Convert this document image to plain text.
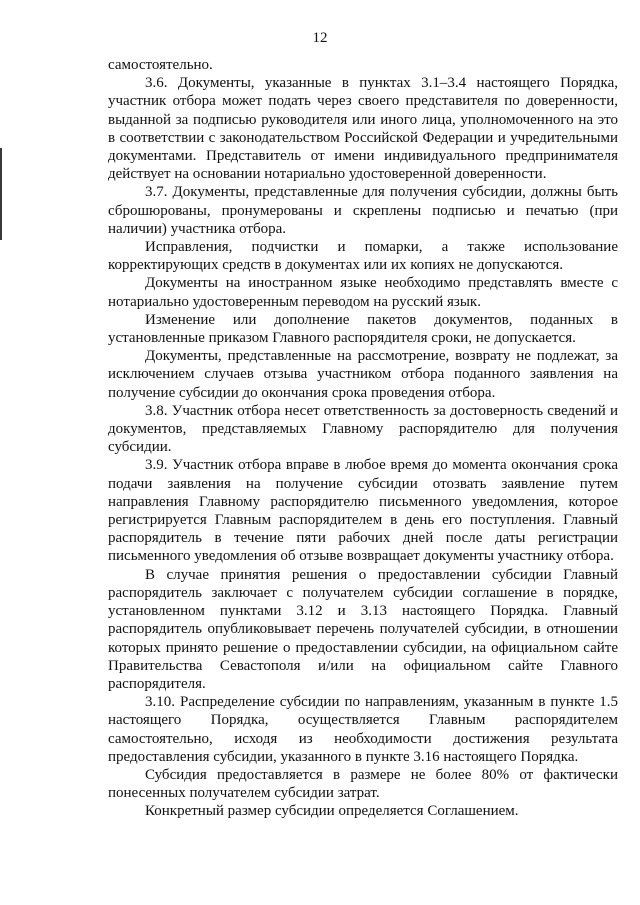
12

самостоятельно.

3.6. Документы, указанные в пунктах 3.1–3.4 настоящего Порядка, участник отбора может подать через своего представителя по доверенности, выданной за подписью руководителя или иного лица, уполномоченного на это в соответствии с законодательством Российской Федерации и учредительными документами. Представитель от имени индивидуального предпринимателя действует на основании нотариально удостоверенной доверенности.

3.7. Документы, представленные для получения субсидии, должны быть сброшюрованы, пронумерованы и скреплены подписью и печатью (при наличии) участника отбора.

Исправления, подчистки и помарки, а также использование корректирующих средств в документах или их копиях не допускаются.

Документы на иностранном языке необходимо представлять вместе с нотариально удостоверенным переводом на русский язык.

Изменение или дополнение пакетов документов, поданных в установленные приказом Главного распорядителя сроки, не допускается.

Документы, представленные на рассмотрение, возврату не подлежат, за исключением случаев отзыва участником отбора поданного заявления на получение субсидии до окончания срока проведения отбора.

3.8. Участник отбора несет ответственность за достоверность сведений и документов, представляемых Главному распорядителю для получения субсидии.

3.9. Участник отбора вправе в любое время до момента окончания срока подачи заявления на получение субсидии отозвать заявление путем направления Главному распорядителю письменного уведомления, которое регистрируется Главным распорядителем в день его поступления. Главный распорядитель в течение пяти рабочих дней после даты регистрации письменного уведомления об отзыве возвращает документы участнику отбора.

В случае принятия решения о предоставлении субсидии Главный распорядитель заключает с получателем субсидии соглашение в порядке, установленном пунктами 3.12 и 3.13 настоящего Порядка. Главный распорядитель опубликовывает перечень получателей субсидии, в отношении которых принято решение о предоставлении субсидии, на официальном сайте Правительства Севастополя и/или на официальном сайте Главного распорядителя.

3.10. Распределение субсидии по направлениям, указанным в пункте 1.5 настоящего Порядка, осуществляется Главным распорядителем самостоятельно, исходя из необходимости достижения результата предоставления субсидии, указанного в пункте 3.16 настоящего Порядка.

Субсидия предоставляется в размере не более 80% от фактически понесенных получателем субсидии затрат.

Конкретный размер субсидии определяется Соглашением.
